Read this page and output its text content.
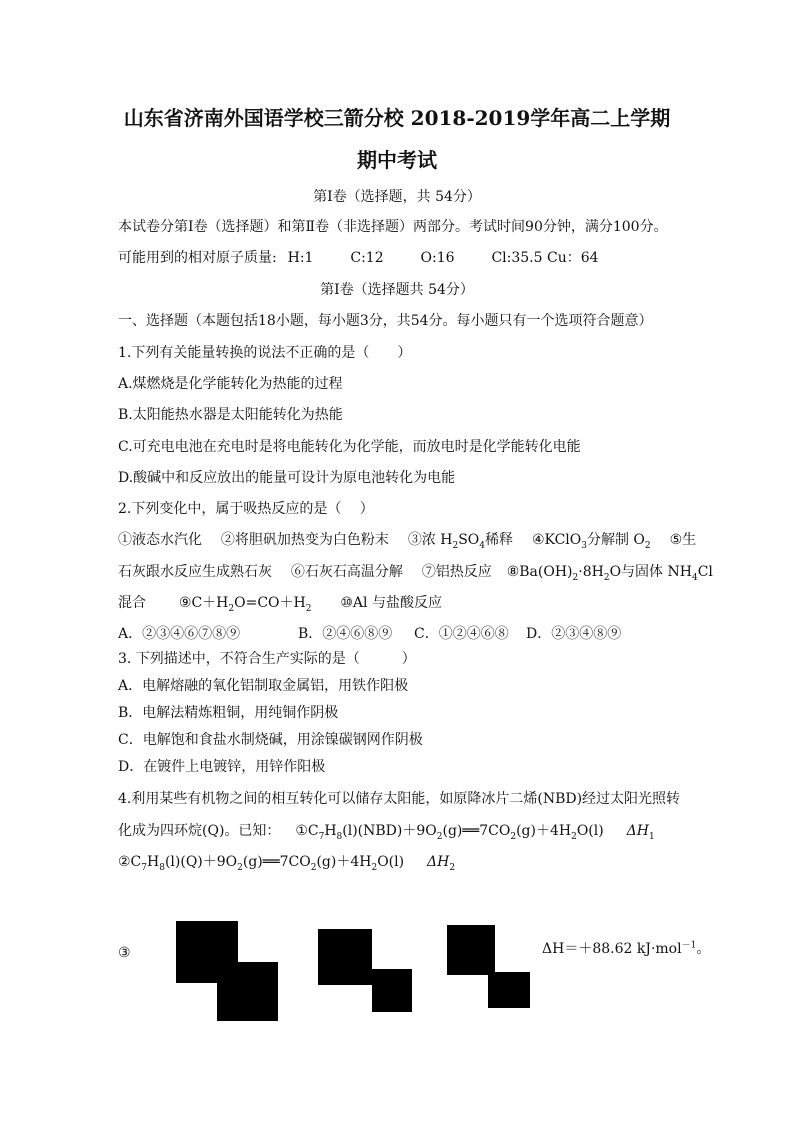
山东省济南外国语学校三箭分校 2018-2019学年高二上学期
期中考试
第Ⅰ卷（选择题，共 54分）
本试卷分第Ⅰ卷（选择题）和第Ⅱ卷（非选择题）两部分。考试时间90分钟，满分100分。
可能用到的相对原子质量: H:1	C:12	O:16	Cl:35.5 Cu：64
第Ⅰ卷（选择题共 54分）
一、选择题（本题包括18小题，每小题3分，共54分。每小题只有一个选项符合题意）
1.下列有关能量转换的说法不正确的是（　　）
A.煤燃烧是化学能转化为热能的过程
B.太阳能热水器是太阳能转化为热能
C.可充电电池在充电时是将电能转化为化学能，而放电时是化学能转化电能
D.酸碱中和反应放出的能量可设计为原电池转化为电能
2.下列变化中，属于吸热反应的是（　 ）
①液态水汽化 ②将胆矾加热变为白色粉末 ③浓 $H_2SO_4$稀释 ④KClO$_3$分解制 $O_2$ ⑤生
石灰跟水反应生成熟石灰 ⑥石灰石高温分解 ⑦铝热反应 $⑧Ba(OH)_2\cdot 8H_2O$与固体 $NH_4Cl$
混合 $⑨C+H_2O=CO+H_2$ ⑩Al 与盐酸反应
A．②③④⑥⑦⑧⑨	B．②④⑥⑧⑨ C．①②④⑥⑧ D．②③④⑧⑨
3. 下列描述中，不符合生产实际的是（　　　）
A．电解熔融的氧化铝制取金属铝，用铁作阳极
B．电解法精炼粗铜，用纯铜作阴极
C．电解饱和食盐水制烧碱，用涂镍碳钢网作阴极
D．在镀件上电镀锌，用锌作阳极
4.利用某些有机物之间的相互转化可以储存太阳能，如原降冰片二烯(NBD)经过太阳光照转
化成为四环烷(Q)。已知： $①C_7H_8(l)(NBD)+9O_2(g)══7CO_2(g)+4H_2O(l)$ $\Delta H_1$
$②C_7H_8(l)(Q)+9O_2(g)══7CO_2(g)+4H_2O(l)$ $\Delta H_2$
③	ΔH＝＋88.62 kJ·mol$^{-1}$。
